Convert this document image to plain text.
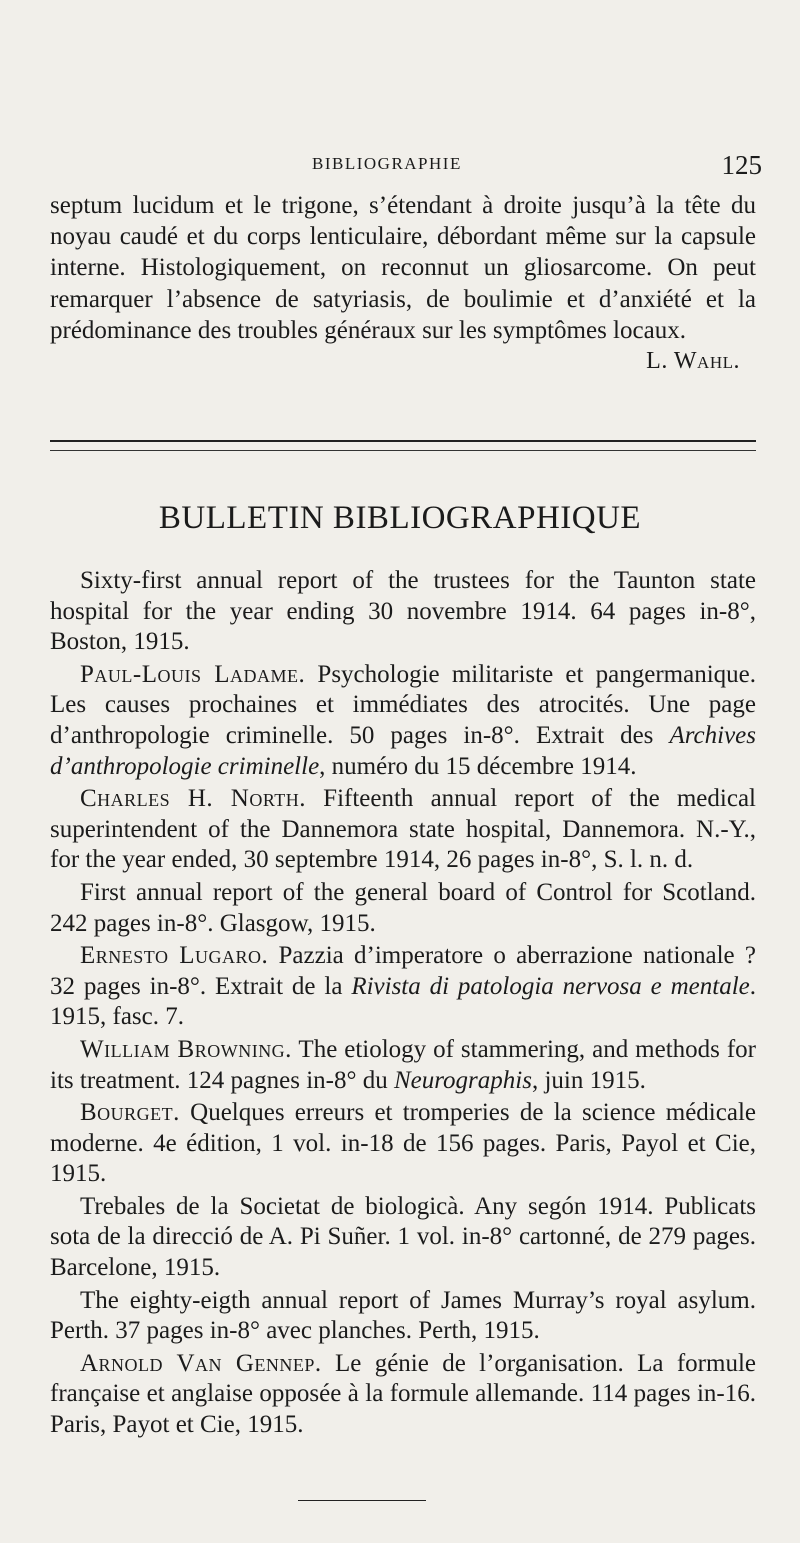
BIBLIOGRAPHIE	125

septum lucidum et le trigone, s’étendant à droite jusqu’à la tête du noyau caudé et du corps lenticulaire, débordant même sur la capsule interne. Histologiquement, on reconnut un gliosarcome. On peut remarquer l’absence de satyriasis, de boulimie et d’anxiété et la prédominance des troubles généraux sur les symptômes locaux.

L. Wahl.

BULLETIN BIBLIOGRAPHIQUE

Sixty-first annual report of the trustees for the Taunton state hospital for the year ending 30 novembre 1914. 64 pages in-8°, Boston, 1915.

Paul-Louis Ladame. Psychologie militariste et pangermanique. Les causes prochaines et immédiates des atrocités. Une page d’anthropologie criminelle. 50 pages in-8°. Extrait des Archives d’anthropologie criminelle, numéro du 15 décembre 1914.

Charles H. North. Fifteenth annual report of the medical superintendent of the Dannemora state hospital, Dannemora. N.-Y., for the year ended, 30 septembre 1914, 26 pages in-8°, S. l. n. d.

First annual report of the general board of Control for Scotland. 242 pages in-8°. Glasgow, 1915.

Ernesto Lugaro. Pazzia d’imperatore o aberrazione nationale ? 32 pages in-8°. Extrait de la Rivista di patologia nervosa e mentale. 1915, fasc. 7.

William Browning. The etiology of stammering, and methods for its treatment. 124 pagnes in-8° du Neurographis, juin 1915.

Bourget. Quelques erreurs et tromperies de la science médicale moderne. 4e édition, 1 vol. in-18 de 156 pages. Paris, Payol et Cie, 1915.

Trebales de la Societat de biologicà. Any segón 1914. Publicats sota de la direcció de A. Pi Suñer. 1 vol. in-8° cartonné, de 279 pages. Barcelone, 1915.

The eighty-eigth annual report of James Murray’s royal asylum. Perth. 37 pages in-8° avec planches. Perth, 1915.

Arnold Van Gennep. Le génie de l’organisation. La formule française et anglaise opposée à la formule allemande. 114 pages in-16. Paris, Payot et Cie, 1915.
